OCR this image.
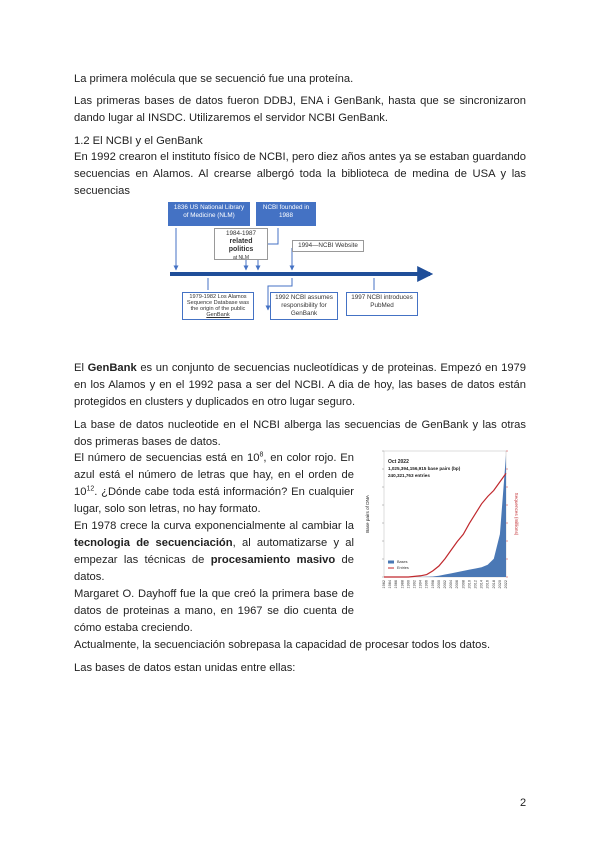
La primera molécula que se secuenció fue una proteína.

Las primeras bases de datos fueron DDBJ, ENA i GenBank, hasta que se sincronizaron dando lugar al INSDC. Utilizaremos el servidor NCBI GenBank.

1.2 El NCBI y el GenBank

En 1992 crearon el instituto físico de NCBI, pero diez años antes ya se estaban guardando secuencias en Alamos. Al crearse albergó toda la biblioteca de medina de USA y las secuencias

1836 US National Library of Medicine (NLM)
NCBI founded in 1988
1984-1987
related politics
at NLM
1994—NCBI Website
1979-1982 Los Alamos Sequence Database was the origin of the public GenBank
1992 NCBI assumes responsibility for GenBank
1997 NCBI introduces PubMed

El GenBank es un conjunto de secuencias nucleotídicas y de proteinas. Empezó en 1979 en los Alamos y en el 1992 pasa a ser del NCBI. A dia de hoy, las bases de datos están protegidos en clusters y duplicados en otro lugar seguro.

La base de datos nucleotide en el NCBI alberga las secuencias de GenBank y las otras dos primeras bases de datos.

El número de secuencias está en $10^8$, en color rojo. En azul está el número de letras que hay, en el orden de $10^{12}$. ¿Dónde cabe toda está información? En cualquier lugar, solo son letras, no hay formato.

En 1978 crece la curva exponencialmente al cambiar la tecnologia de secuenciación, al automatizarse y al empezar las técnicas de procesamiento masivo de datos.

Margaret O. Dayhoff fue la que creó la primera base de datos de proteinas a mano, en 1967 se dio cuenta de cómo estaba creciendo.

Actualmente, la secuenciación sobrepasa la capacidad de procesar todos los datos.

Las bases de datos estan unidas entre ellas:

1982 1984 1986 1988 1990 1992 1994 1996 1998 2000 2002 2004 2006 2008 2010 2012 2014 2016 2018 2020 2022
Oct 2022
1,025,394,156,915 base pairs (bp)
240,321,763 entries
Base pairs of DNA	Sequences (millions)
Bases
Entries
2
